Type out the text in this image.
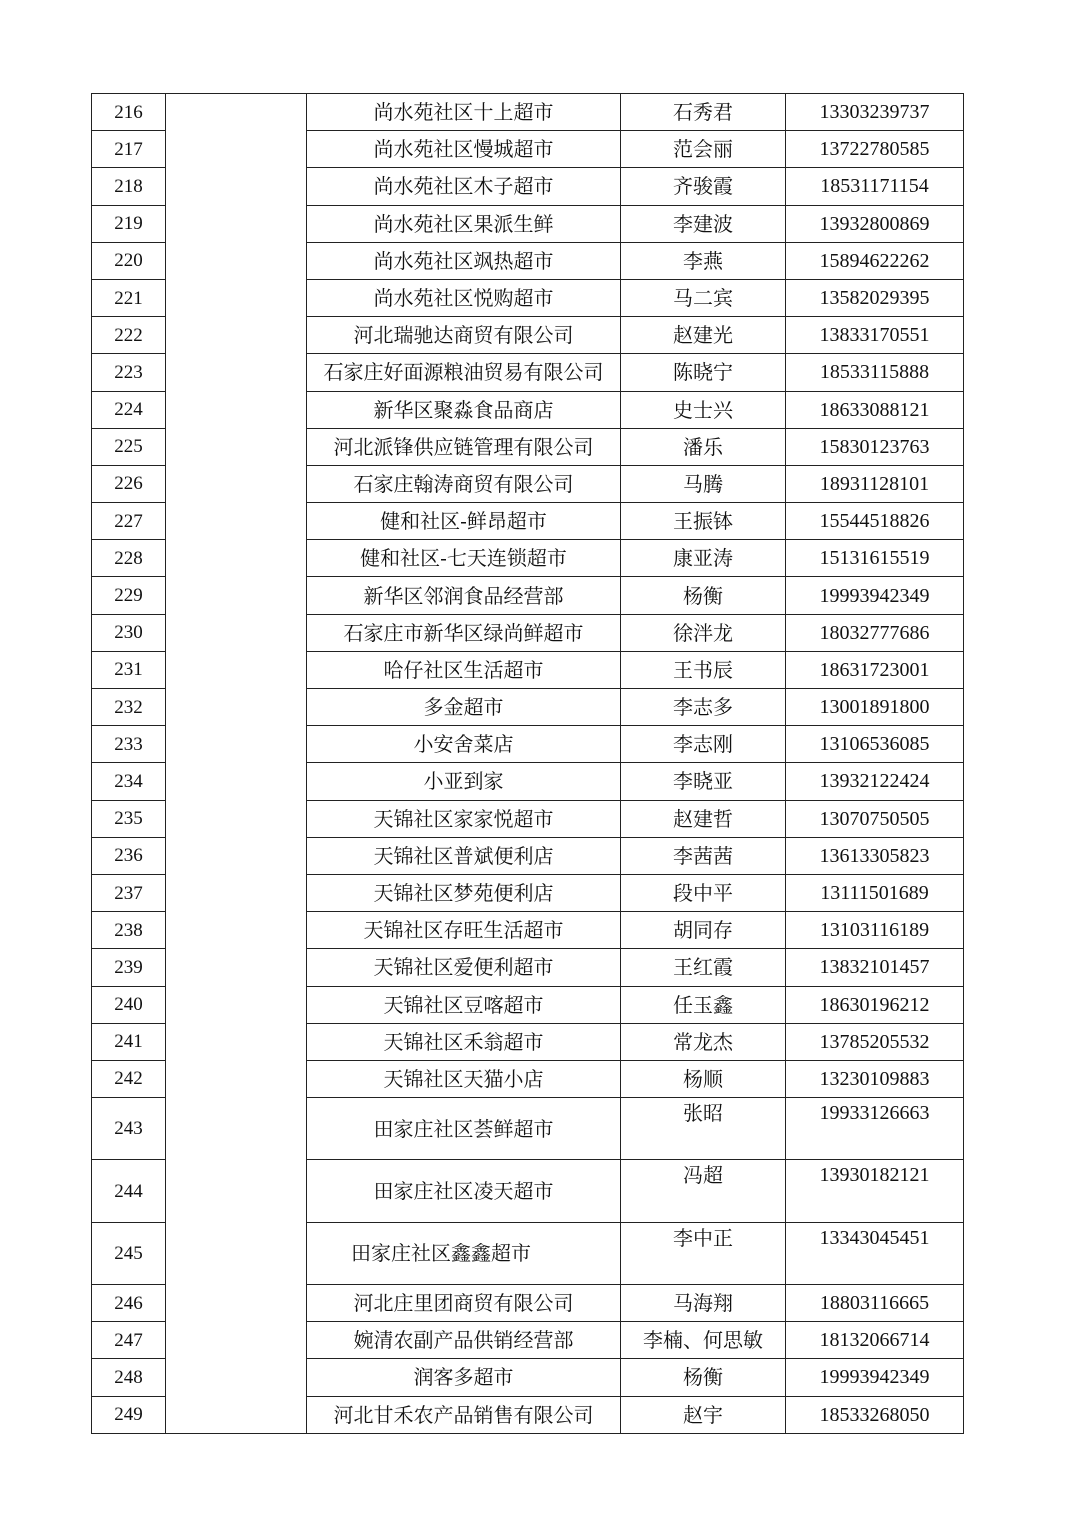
216		尚水苑社区十上超市	石秀君	13303239737
217		尚水苑社区慢城超市	范会丽	13722780585
218		尚水苑社区木子超市	齐骏霞	18531171154
219		尚水苑社区果派生鲜	李建波	13932800869
220		尚水苑社区飒热超市	李燕	15894622262
221		尚水苑社区悦购超市	马二宾	13582029395
222		河北瑞驰达商贸有限公司	赵建光	13833170551
223		石家庄好面源粮油贸易有限公司	陈晓宁	18533115888
224		新华区聚淼食品商店	史士兴	18633088121
225		河北派锋供应链管理有限公司	潘乐	15830123763
226		石家庄翰涛商贸有限公司	马腾	18931128101
227		健和社区-鲜昂超市	王振钵	15544518826
228		健和社区-七天连锁超市	康亚涛	15131615519
229		新华区邻润食品经营部	杨衡	19993942349
230		石家庄市新华区绿尚鲜超市	徐泮龙	18032777686
231		哈仔社区生活超市	王书辰	18631723001
232		多金超市	李志多	13001891800
233		小安舍菜店	李志刚	13106536085
234		小亚到家	李晓亚	13932122424
235		天锦社区家家悦超市	赵建哲	13070750505
236		天锦社区普斌便利店	李茜茜	13613305823
237		天锦社区梦苑便利店	段中平	13111501689
238		天锦社区存旺生活超市	胡同存	13103116189
239		天锦社区爱便利超市	王红霞	13832101457
240		天锦社区豆喀超市	任玉鑫	18630196212
241		天锦社区禾翁超市	常龙杰	13785205532
242		天锦社区天猫小店	杨顺	13230109883
243		田家庄社区荟鲜超市	张昭	19933126663
244		田家庄社区凌天超市	冯超	13930182121
245		田家庄社区鑫鑫超市	李中正	13343045451
246		河北庄里团商贸有限公司	马海翔	18803116665
247		婉清农副产品供销经营部	李楠、何思敏	18132066714
248		润客多超市	杨衡	19993942349
249		河北甘禾农产品销售有限公司	赵宇	18533268050
